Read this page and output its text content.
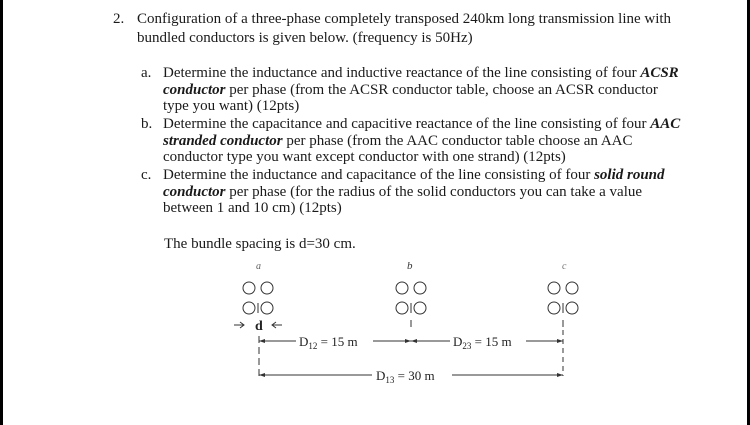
2. Configuration of a three-phase completely transposed 240km long transmission line with bundled conductors is given below. (frequency is 50Hz)
a. Determine the inductance and inductive reactance of the line consisting of four ACSR conductor per phase (from the ACSR conductor table, choose an ACSR conductor type you want) (12pts)
b. Determine the capacitance and capacitive reactance of the line consisting of four AAC stranded conductor per phase (from the AAC conductor table choose an AAC conductor type you want except conductor with one strand) (12pts)
c. Determine the inductance and capacitance of the line consisting of four solid round conductor per phase (for the radius of the solid conductors you can take a value between 1 and 10 cm) (12pts)
The bundle spacing is d=30 cm.
a	b	c
d
$D_{12} = 15$ m	$D_{23} = 15$ m
$D_{13} = 30$ m
